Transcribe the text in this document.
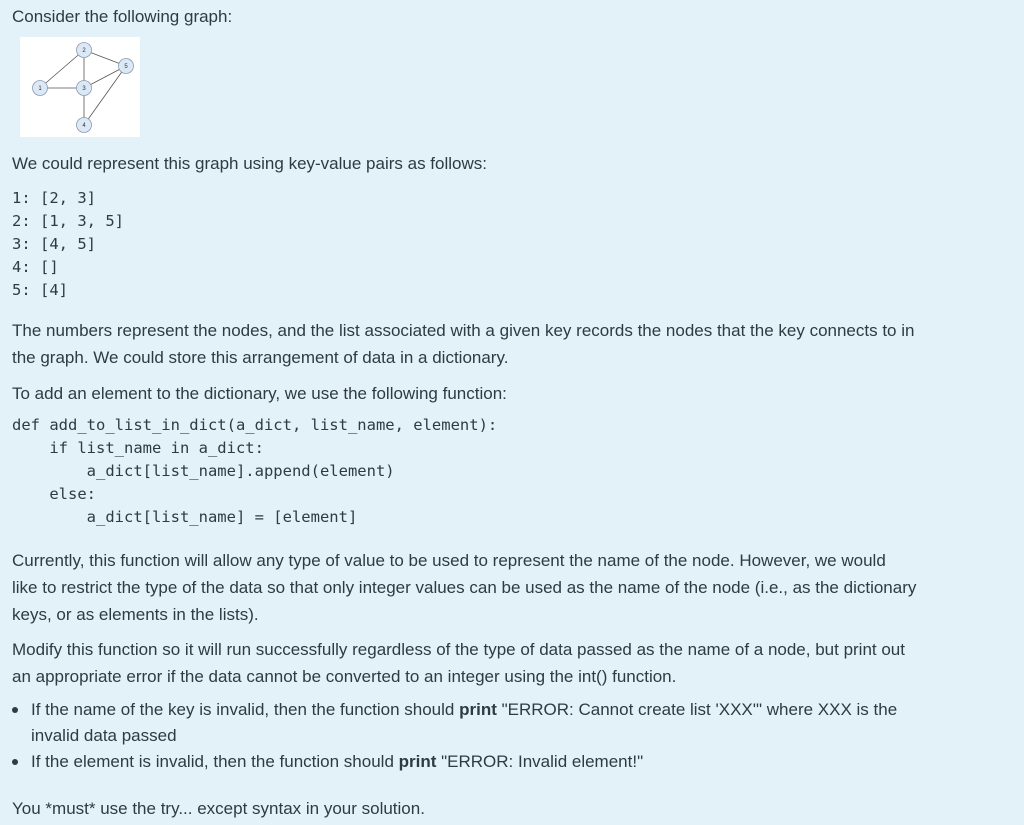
Consider the following graph:

1
2
3
4
5

We could represent this graph using key-value pairs as follows:

1: [2, 3]
2: [1, 3, 5]
3: [4, 5]
4: []
5: [4]

The numbers represent the nodes, and the list associated with a given key records the nodes that the key connects to in

the graph. We could store this arrangement of data in a dictionary.

To add an element to the dictionary, we use the following function:

def add_to_list_in_dict(a_dict, list_name, element):
if list_name in a_dict:
a_dict[list_name].append(element)
else:
a_dict[list_name] = [element]

Currently, this function will allow any type of value to be used to represent the name of the node. However, we would

like to restrict the type of the data so that only integer values can be used as the name of the node (i.e., as the dictionary

keys, or as elements in the lists).

Modify this function so it will run successfully regardless of the type of data passed as the name of a node, but print out

an appropriate error if the data cannot be converted to an integer using the int() function.

If the name of the key is invalid, then the function should print "ERROR: Cannot create list 'XXX'" where XXX is the
invalid data passed
If the element is invalid, then the function should print "ERROR: Invalid element!"

You *must* use the try... except syntax in your solution.
